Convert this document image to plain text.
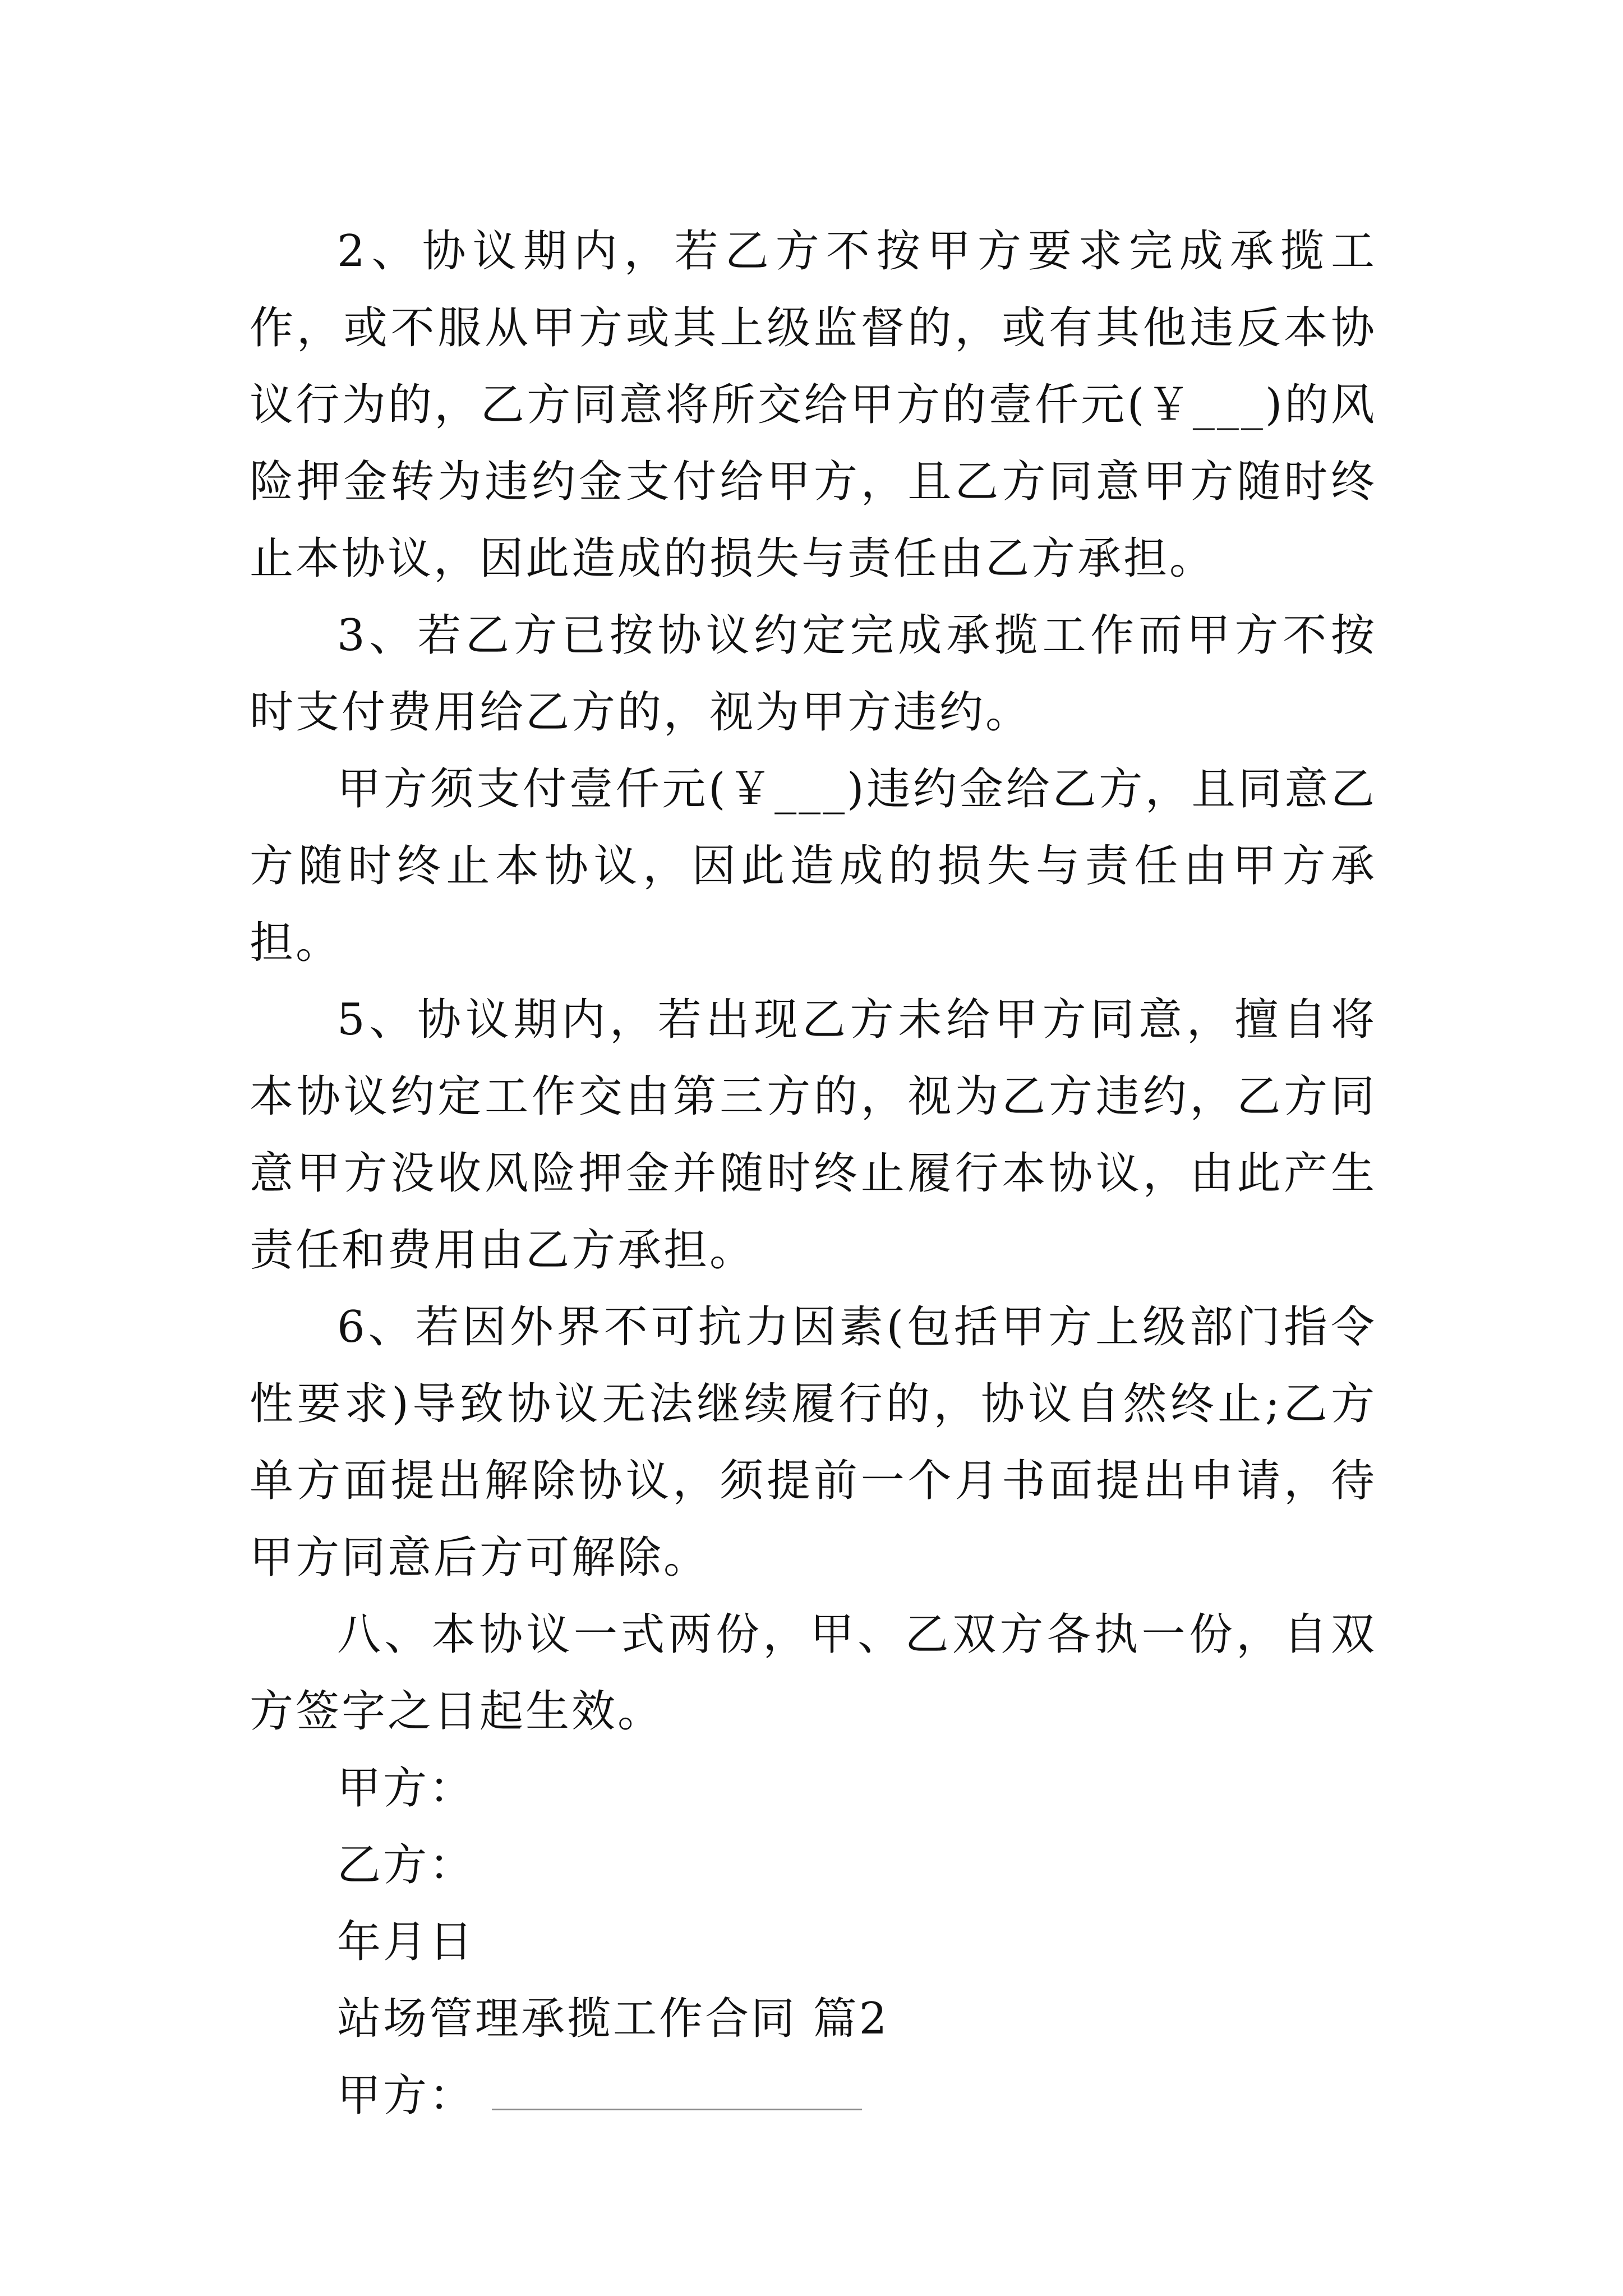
2、协议期内，若乙方不按甲方要求完成承揽工作，或不服从甲方或其上级监督的，或有其他违反本协议行为的，乙方同意将所交给甲方的壹仟元(￥___)的风险押金转为违约金支付给甲方，且乙方同意甲方随时终止本协议，因此造成的损失与责任由乙方承担。

3、若乙方已按协议约定完成承揽工作而甲方不按时支付费用给乙方的，视为甲方违约。

甲方须支付壹仟元(￥___)违约金给乙方，且同意乙方随时终止本协议，因此造成的损失与责任由甲方承担。

5、协议期内，若出现乙方未给甲方同意，擅自将本协议约定工作交由第三方的，视为乙方违约，乙方同意甲方没收风险押金并随时终止履行本协议，由此产生责任和费用由乙方承担。

6、若因外界不可抗力因素(包括甲方上级部门指令性要求)导致协议无法继续履行的，协议自然终止;乙方单方面提出解除协议，须提前一个月书面提出申请，待甲方同意后方可解除。

八、本协议一式两份，甲、乙双方各执一份，自双方签字之日起生效。

甲方：

乙方：

年月日

站场管理承揽工作合同 篇2

甲方：
